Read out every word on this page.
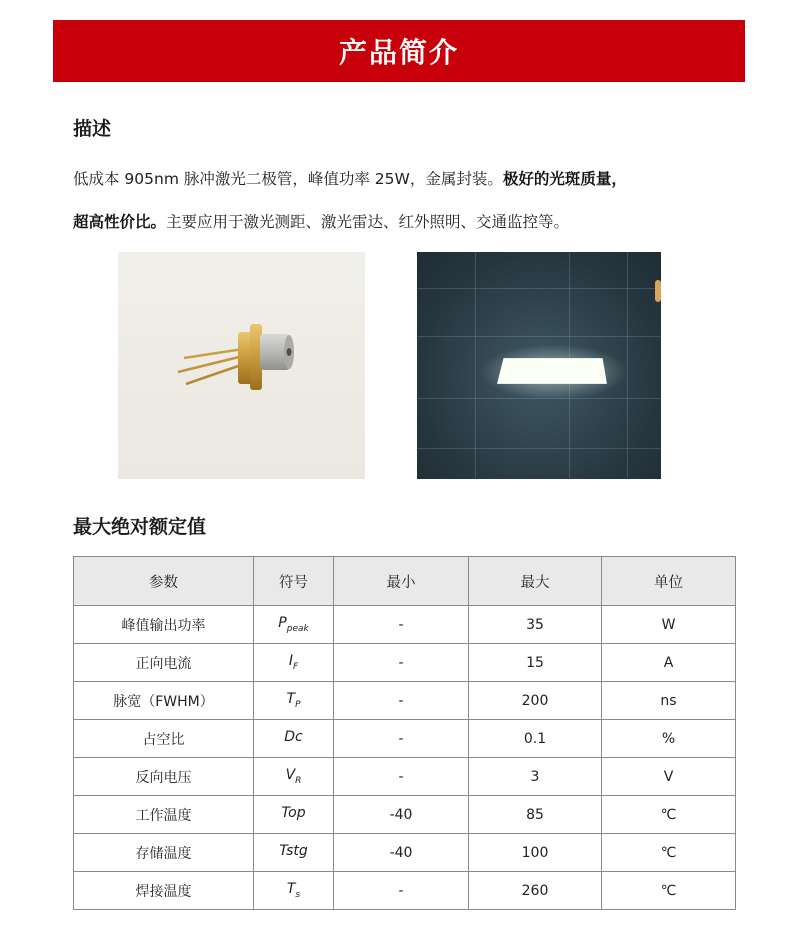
产品简介
描述
低成本 905nm 脉冲激光二极管，峰值功率 25W，金属封装。极好的光斑质量，
超高性价比。主要应用于激光测距、激光雷达、红外照明、交通监控等。
最大绝对额定值
参数	符号	最小	最大	单位
峰值输出功率	$P_{peak}$	-	35	W
正向电流	$I_F$	-	15	A
脉宽（FWHM）	$T_P$	-	200	ns
占空比	Dc	-	0.1	%
反向电压	$V_R$	-	3	V
工作温度	Top	-40	85	℃
存储温度	Tstg	-40	100	℃
焊接温度	$T_s$	-	260	℃
